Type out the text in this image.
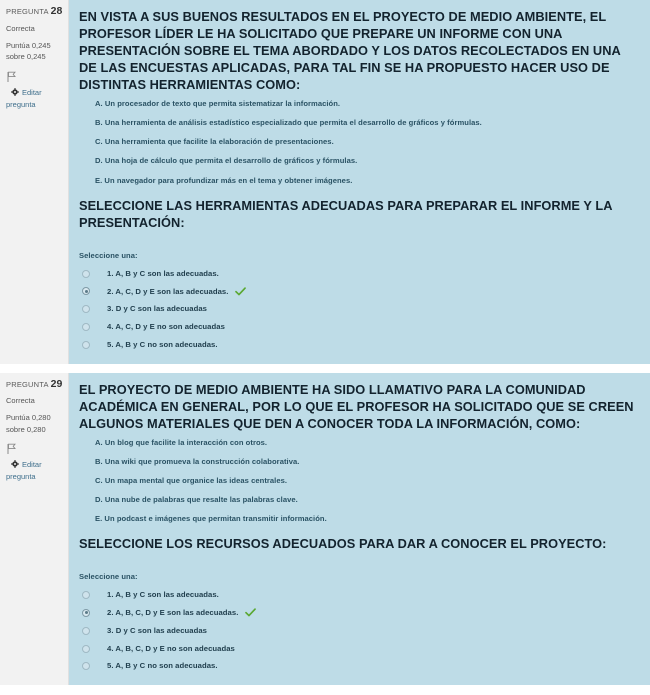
PREGUNTA 28
Correcta
Puntúa 0,245
sobre 0,245
Editar
pregunta

EN VISTA A SUS BUENOS RESULTADOS EN EL PROYECTO DE MEDIO AMBIENTE, EL PROFESOR LÍDER LE HA SOLICITADO QUE PREPARE UN INFORME CON UNA PRESENTACIÓN SOBRE EL TEMA ABORDADO Y LOS DATOS RECOLECTADOS EN UNA DE LAS ENCUESTAS APLICADAS, PARA TAL FIN SE HA PROPUESTO HACER USO DE DISTINTAS HERRAMIENTAS COMO:

A. Un procesador de texto que permita sistematizar la información.
B. Una herramienta de análisis estadístico especializado que permita el desarrollo de gráficos y fórmulas.
C. Una herramienta que facilite la elaboración de presentaciones.
D. Una hoja de cálculo que permita el desarrollo de gráficos y fórmulas.
E. Un navegador para profundizar más en el tema y obtener imágenes.

SELECCIONE LAS HERRAMIENTAS ADECUADAS PARA PREPARAR EL INFORME Y LA PRESENTACIÓN:

Seleccione una:
1. A, B y C son las adecuadas.
2. A, C, D y E son las adecuadas.
3. D y C son las adecuadas
4. A, C, D y E no son adecuadas
5. A, B y C no son adecuadas.
PREGUNTA 29
Correcta
Puntúa 0,280
sobre 0,280
Editar
pregunta

EL PROYECTO DE MEDIO AMBIENTE HA SIDO LLAMATIVO PARA LA COMUNIDAD ACADÉMICA EN GENERAL, POR LO QUE EL PROFESOR HA SOLICITADO QUE SE CREEN ALGUNOS MATERIALES QUE DEN A CONOCER TODA LA INFORMACIÓN, COMO:

A. Un blog que facilite la interacción con otros.
B. Una wiki que promueva la construcción colaborativa.
C. Un mapa mental que organice las ideas centrales.
D. Una nube de palabras que resalte las palabras clave.
E. Un podcast e imágenes que permitan transmitir información.

SELECCIONE LOS RECURSOS ADECUADOS PARA DAR A CONOCER EL PROYECTO:

Seleccione una:
1. A, B y C son las adecuadas.
2. A, B, C, D y E son las adecuadas.
3. D y C son las adecuadas
4. A, B, C, D y E no son adecuadas
5. A, B y C no son adecuadas.
